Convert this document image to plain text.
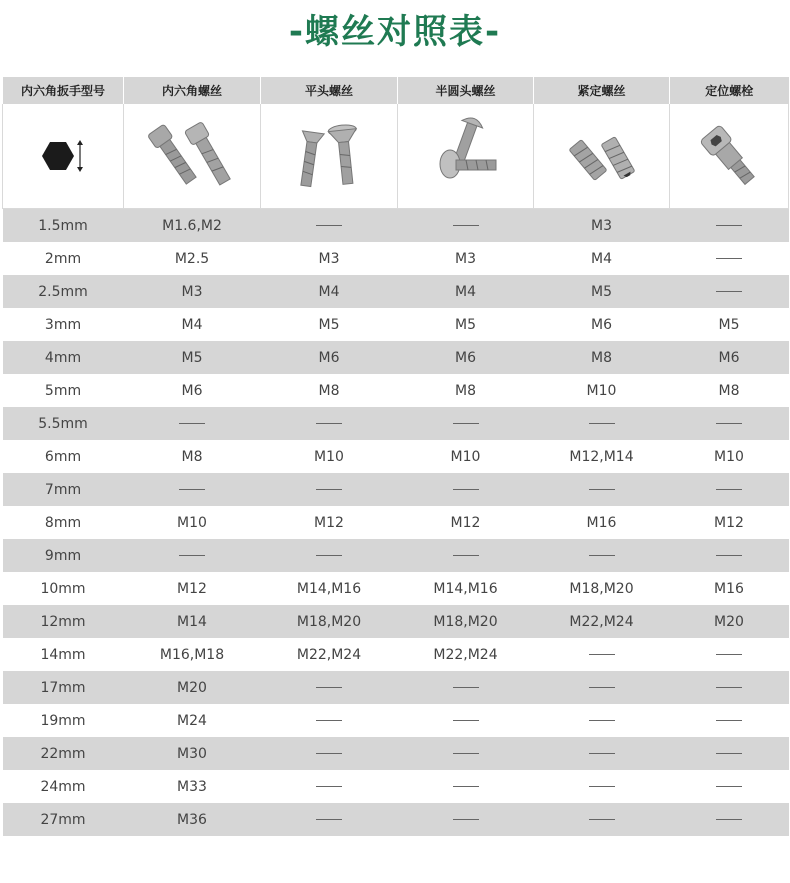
-螺丝对照表-
内六角扳手型号	内六角螺丝	平头螺丝	半圆头螺丝	紧定螺丝	定位螺栓

1.5mm	M1.6,M2			M3	
2mm	M2.5	M3	M3	M4	
2.5mm	M3	M4	M4	M5	
3mm	M4	M5	M5	M6	M5
4mm	M5	M6	M6	M8	M6
5mm	M6	M8	M8	M10	M8
5.5mm					
6mm	M8	M10	M10	M12,M14	M10
7mm					
8mm	M10	M12	M12	M16	M12
9mm					
10mm	M12	M14,M16	M14,M16	M18,M20	M16
12mm	M14	M18,M20	M18,M20	M22,M24	M20
14mm	M16,M18	M22,M24	M22,M24		
17mm	M20				
19mm	M24				
22mm	M30				
24mm	M33				
27mm	M36				
